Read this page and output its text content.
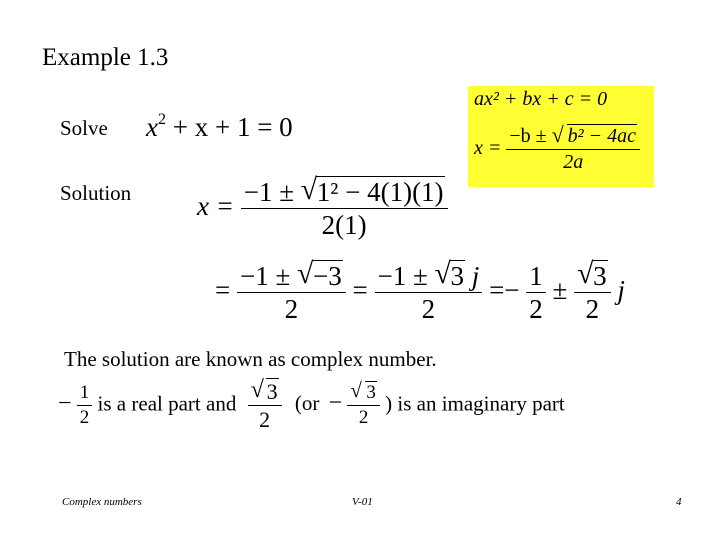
Example 1.3
Solve $x^2 + x + 1 = 0$
ax² + bx + c = 0
$x = \frac{\text{−b ± √ b² − 4ac}}{2a}$
Solution $x = \frac{\text{−1 ± √ 1² − 4(1)(1)}}{2(1)}$
= $\frac{-1 \pm √ -3}{2} = \frac{-1 \pm √ 3 j}{2} =- \frac{1}{2} \pm \frac{√ 3}{2}$ j
The solution are known as complex number.
− $\frac{1}{2}$ is a real part and $\frac{√ 3}{2} (or - \frac{√ 3}{2}$ ) is an imaginary part
Complex numbers	V-01	4
